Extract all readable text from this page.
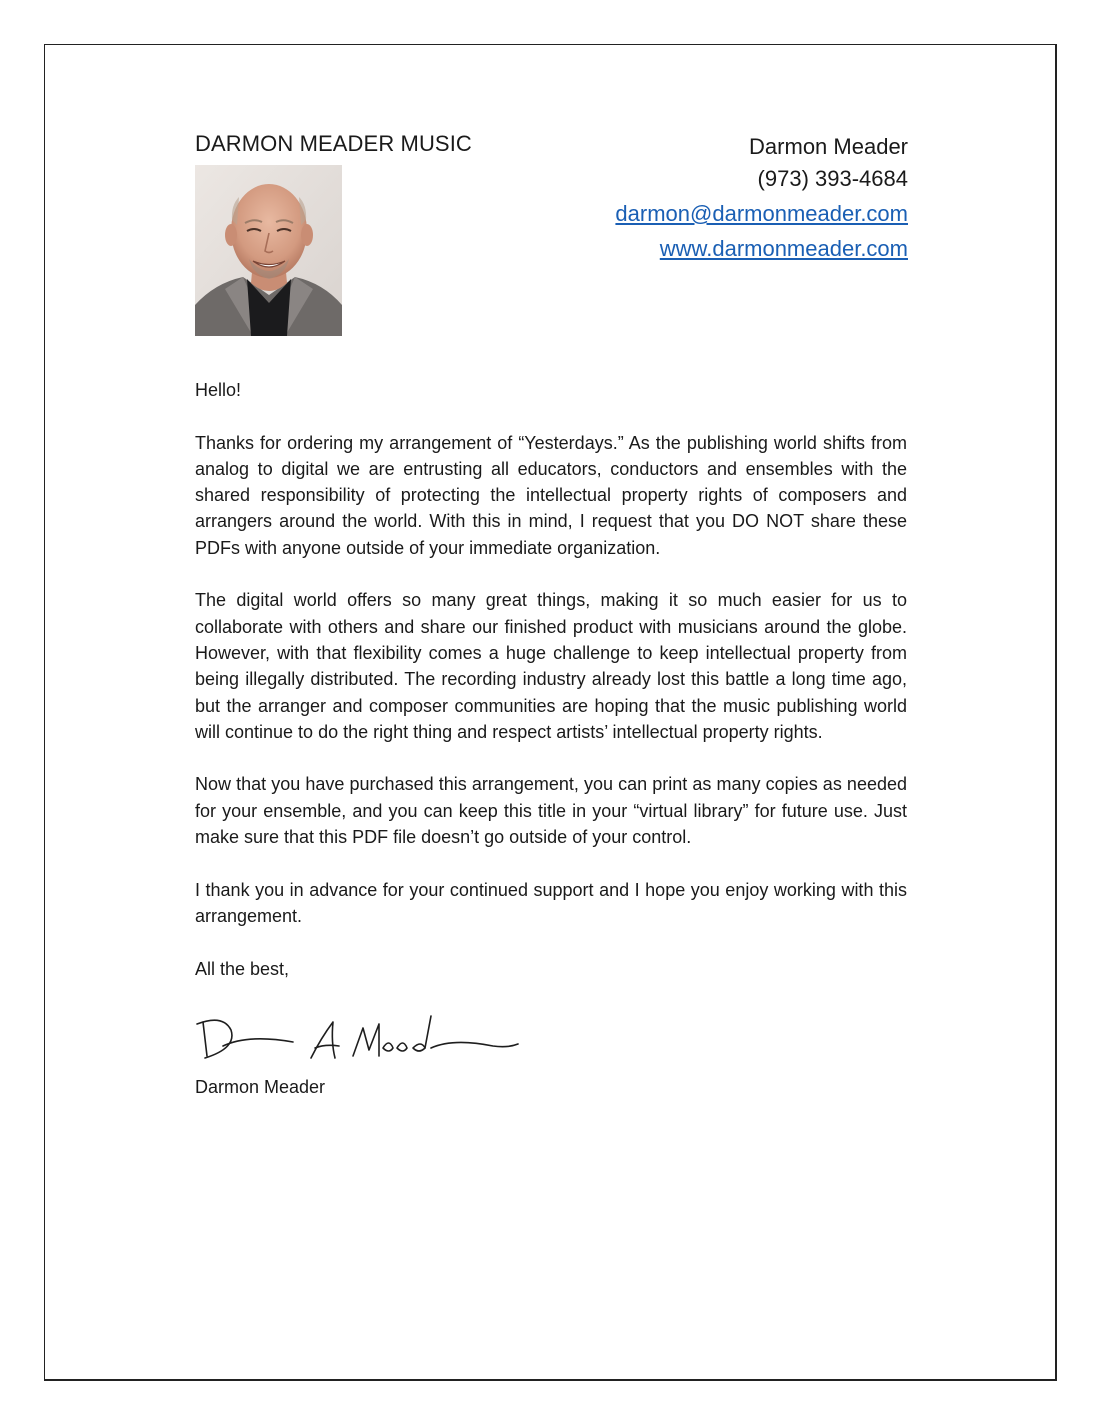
DARMON MEADER MUSIC	Darmon Meader
(973) 393-4684
darmon@darmonmeader.com
www.darmonmeader.com

Hello!

Thanks for ordering my arrangement of “Yesterdays.” As the publishing world shifts from analog to digital we are entrusting all educators, conductors and ensembles with the shared responsibility of protecting the intellectual property rights of composers and arrangers around the world. With this in mind, I request that you DO NOT share these PDFs with anyone outside of your immediate organization.

The digital world offers so many great things, making it so much easier for us to collaborate with others and share our finished product with musicians around the globe. However, with that flexibility comes a huge challenge to keep intellectual property from being illegally distributed. The recording industry already lost this battle a long time ago, but the arranger and composer communities are hoping that the music publishing world will continue to do the right thing and respect artists’ intellectual property rights.

Now that you have purchased this arrangement, you can print as many copies as needed for your ensemble, and you can keep this title in your “virtual library” for future use. Just make sure that this PDF file doesn’t go outside of your control.

I thank you in advance for your continued support and I hope you enjoy working with this arrangement.

All the best,

Darmon Meader
